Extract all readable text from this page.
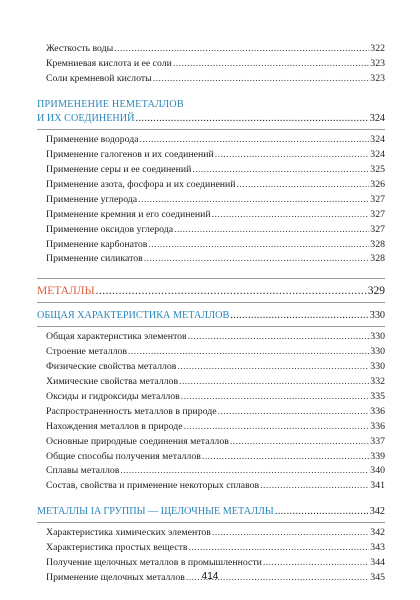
Жесткость воды .....	322
Кремниевая кислота и ее соли .....	323
Соли кремневой кислоты .....	323
ПРИМЕНЕНИЕ НЕМЕТАЛЛОВ
И ИХ СОЕДИНЕНИЙ .....	324
Применение водорода .....	324
Применение галогенов и их соединений .....	324
Применение серы и ее соединений .....	325
Применение азота, фосфора и их соединений .....	326
Применение углерода .....	327
Применение кремния и его соединений .....	327
Применение оксидов углерода .....	327
Применение карбонатов .....	328
Применение силикатов .....	328
МЕТАЛЛЫ .....	329
ОБЩАЯ ХАРАКТЕРИСТИКА МЕТАЛЛОВ .....	330
Общая характеристика элементов .....	330
Строение металлов .....	330
Физические свойства металлов .....	330
Химические свойства металлов .....	332
Оксиды и гидроксиды металлов .....	335
Распространенность металлов в природе .....	336
Нахождения металлов в природе .....	336
Основные природные соединения металлов .....	337
Общие способы получения металлов .....	339
Сплавы металлов .....	340
Состав, свойства и применение некоторых сплавов .....	341
МЕТАЛЛЫ IA ГРУППЫ — ЩЕЛОЧНЫЕ МЕТАЛЛЫ .....	342
Характеристика химических элементов .....	342
Характеристика простых веществ .....	343
Получение щелочных металлов в промышленности .....	344
Применение щелочных металлов .....	345
414
